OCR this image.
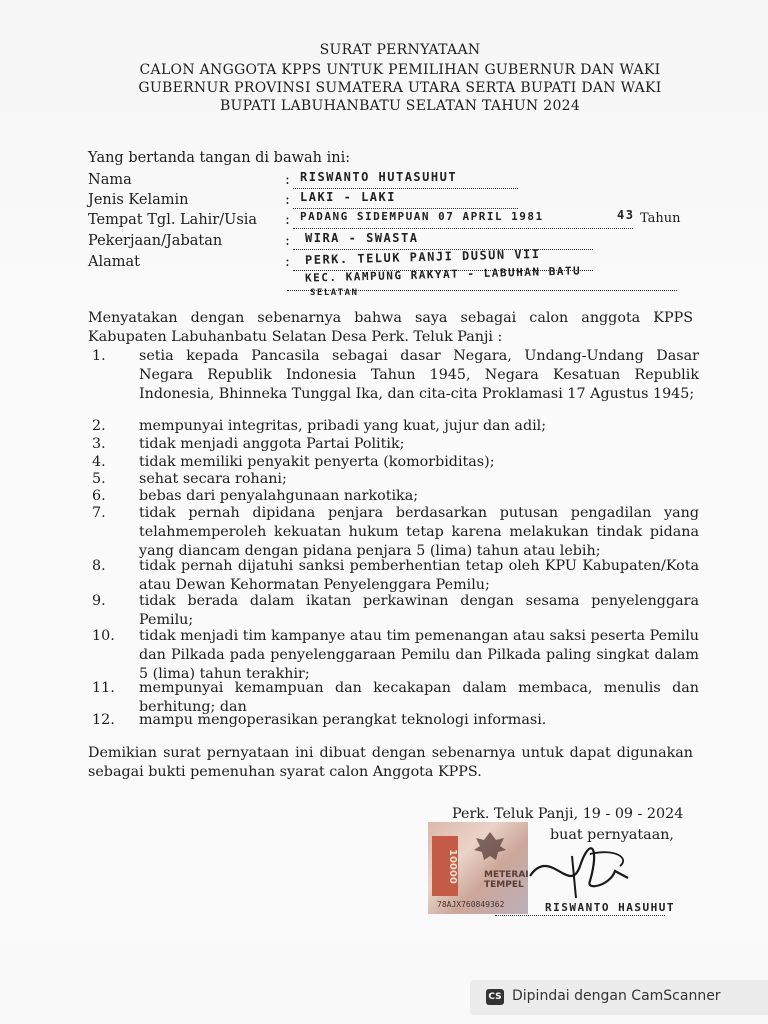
SURAT PERNYATAAN
CALON ANGGOTA KPPS UNTUK PEMILIHAN GUBERNUR DAN WAKI
GUBERNUR PROVINSI SUMATERA UTARA SERTA BUPATI DAN WAKI
BUPATI LABUHANBATU SELATAN TAHUN 2024
Yang bertanda tangan di bawah ini:
Nama	: RISWANTO HUTASUHUT
Jenis Kelamin	: LAKI - LAKI
Tempat Tgl. Lahir/Usia : PADANG SIDEMPUAN 07 APRIL 1981	43 Tahun
Pekerjaan/Jabatan	: WIRA - SWASTA
Alamat	: PERK. TELUK PANJI DUSUN VII
KEC. KAMPUNG RAKYAT - LABUHAN BATU
SELATAN
Menyatakan dengan sebenarnya bahwa saya sebagai calon anggota KPPS Kabupaten Labuhanbatu Selatan Desa Perk. Teluk Panji :
1. setia kepada Pancasila sebagai dasar Negara, Undang-Undang Dasar Negara Republik Indonesia Tahun 1945, Negara Kesatuan Republik Indonesia, Bhinneka Tunggal Ika, dan cita-cita Proklamasi 17 Agustus 1945;
2. mempunyai integritas, pribadi yang kuat, jujur dan adil;
3. tidak menjadi anggota Partai Politik;
4. tidak memiliki penyakit penyerta (komorbiditas);
5. sehat secara rohani;
6. bebas dari penyalahgunaan narkotika;
7. tidak pernah dipidana penjara berdasarkan putusan pengadilan yang telahmemperoleh kekuatan hukum tetap karena melakukan tindak pidana yang diancam dengan pidana penjara 5 (lima) tahun atau lebih;
8. tidak pernah dijatuhi sanksi pemberhentian tetap oleh KPU Kabupaten/Kota atau Dewan Kehormatan Penyelenggara Pemilu;
9. tidak berada dalam ikatan perkawinan dengan sesama penyelenggara Pemilu;
10. tidak menjadi tim kampanye atau tim pemenangan atau saksi peserta Pemilu dan Pilkada pada penyelenggaraan Pemilu dan Pilkada paling singkat dalam 5 (lima) tahun terakhir;
11. mempunyai kemampuan dan kecakapan dalam membaca, menulis dan berhitung; dan
12. mampu mengoperasikan perangkat teknologi informasi.
Demikian surat pernyataan ini dibuat dengan sebenarnya untuk dapat digunakan sebagai bukti pemenuhan syarat calon Anggota KPPS.
Perk. Teluk Panji, 19 - 09 - 2024
buat pernyataan,
10000	METERAI
TEMPEL
78AJX760849362	RISWANTO HASUHUT
CS Dipindai dengan CamScanner
